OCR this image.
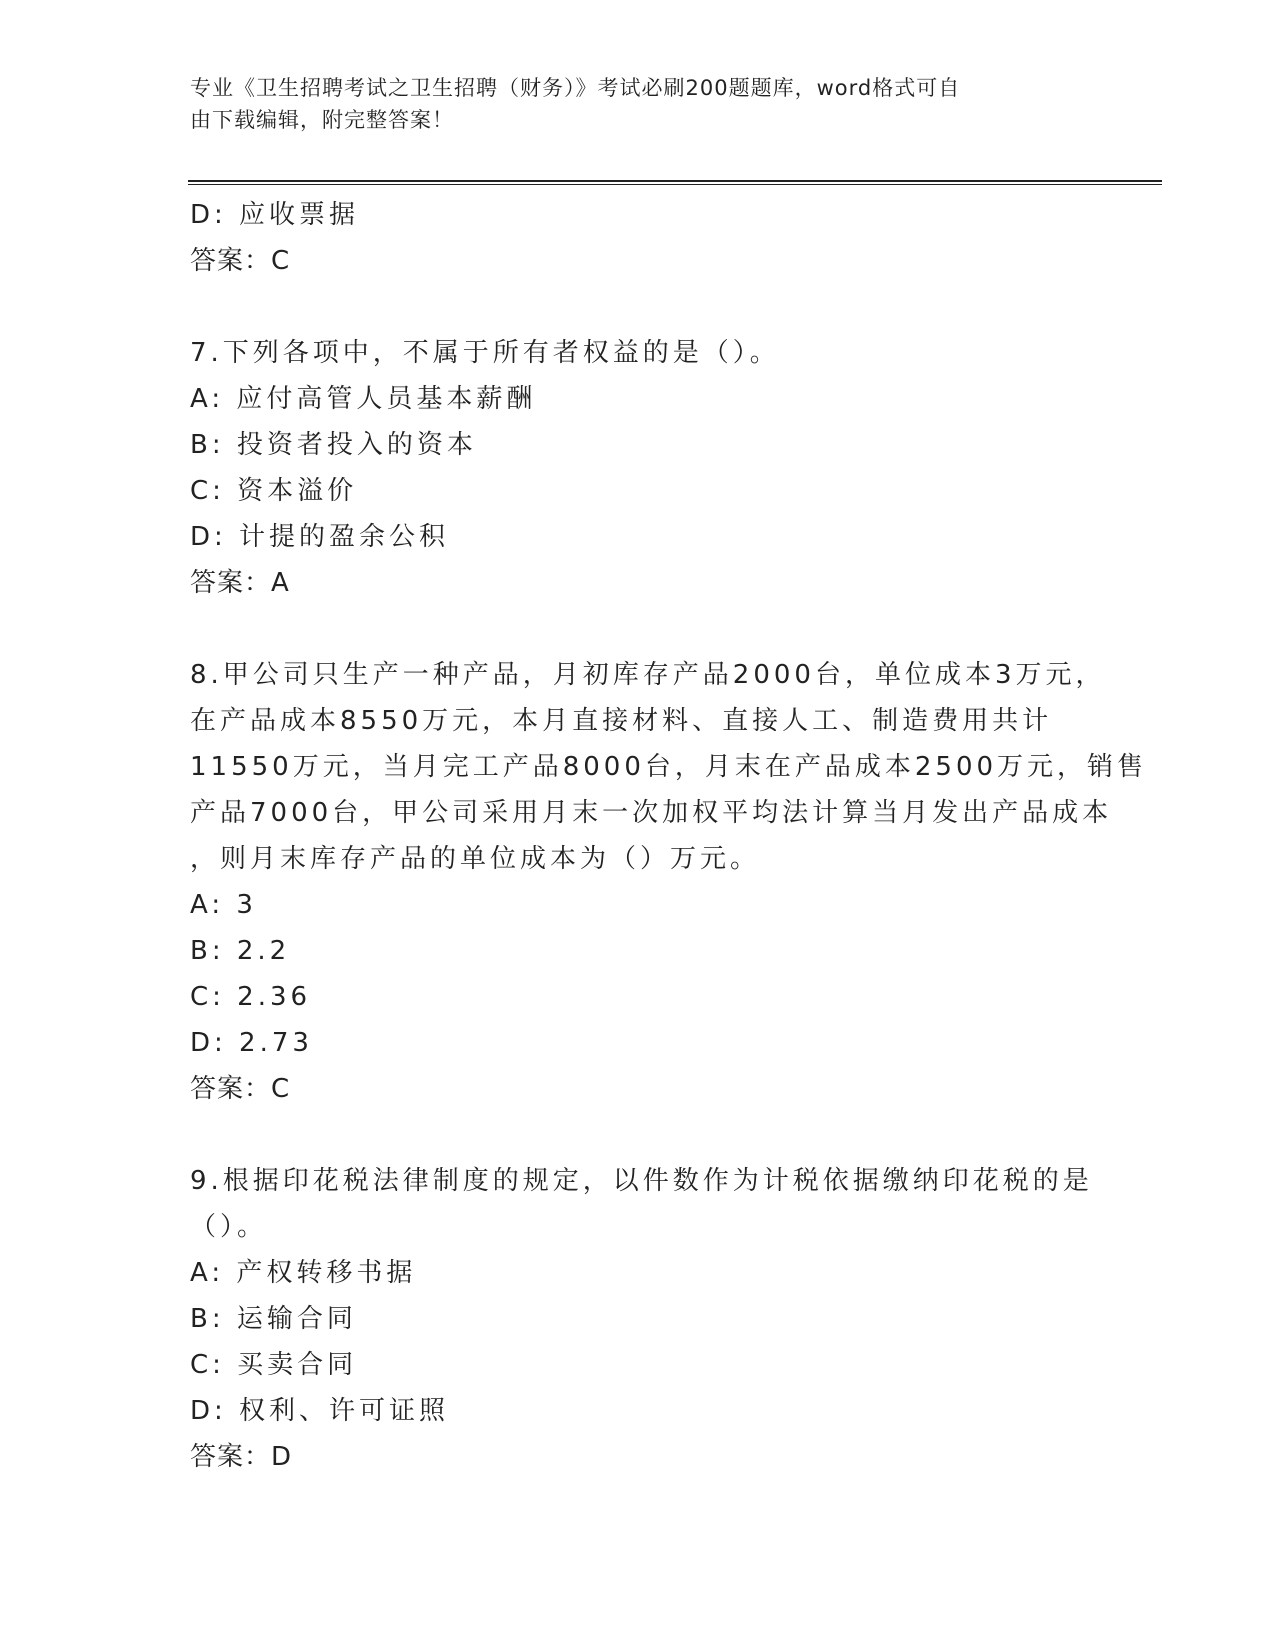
专业《卫生招聘考试之卫生招聘（财务）》考试必刷200题题库，word格式可自
由下载编辑，附完整答案！
D: 应收票据
答案：C
7.下列各项中，不属于所有者权益的是（）。
A: 应付高管人员基本薪酬
B: 投资者投入的资本
C: 资本溢价
D: 计提的盈余公积
答案：A
8.甲公司只生产一种产品，月初库存产品2000台，单位成本3万元，
在产品成本8550万元，本月直接材料、直接人工、制造费用共计
11550万元，当月完工产品8000台，月末在产品成本2500万元，销售
产品7000台，甲公司采用月末一次加权平均法计算当月发出产品成本
，则月末库存产品的单位成本为（）万元。
A: 3
B: 2.2
C: 2.36
D: 2.73
答案：C
9.根据印花税法律制度的规定，以件数作为计税依据缴纳印花税的是
（）。
A: 产权转移书据
B: 运输合同
C: 买卖合同
D: 权利、许可证照
答案：D
